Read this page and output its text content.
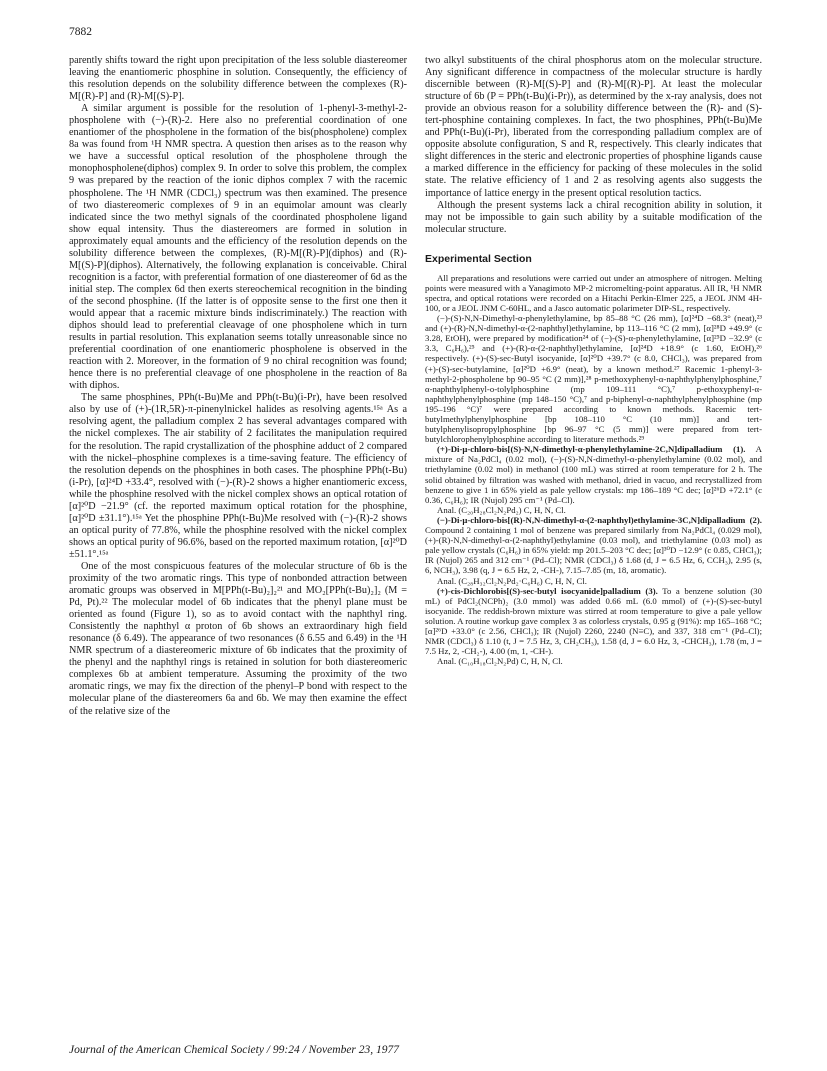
7882

parently shifts toward the right upon precipitation of the less soluble diastereomer leaving the enantiomeric phosphine in solution. Consequently, the efficiency of this resolution depends on the solubility difference between the complexes (R)-M[(R)-P] and (R)-M[(S)-P].

A similar argument is possible for the resolution of 1-phenyl-3-methyl-2-phospholene with (−)-(R)-2. Here also no preferential coordination of one enantiomer of the phospholene in the formation of the bis(phospholene) complex 8a was found from ¹H NMR spectra. A question then arises as to the reason why we have a successful optical resolution of the phospholene through the monophospholene(diphos) complex 9. In order to solve this problem, the complex 9 was prepared by the reaction of the ionic diphos complex 7 with the racemic phospholene. The ¹H NMR (CDCl₃) spectrum was then examined. The presence of two diastereomeric complexes of 9 in an equimolar amount was clearly indicated since the two methyl signals of the coordinated phospholene ligand show equal intensity. Thus the diastereomers are formed in solution in approximately equal amounts and the efficiency of the resolution depends on the solubility difference between the complexes, (R)-M[(R)-P](diphos) and (R)-M[(S)-P](diphos). Alternatively, the following explanation is conceivable. Chiral recognition is a factor, with preferential formation of one diastereomer of 6d as the initial step. The complex 6d then exerts stereochemical recognition in the binding of the second phosphine. (If the latter is of opposite sense to the first one then it would appear that a racemic mixture binds indiscriminately.) The reaction with diphos should lead to preferential cleavage of one phospholene which in turn results in partial resolution. This explanation seems totally unreasonable since no preferential coordination of one enantiomeric phospholene is observed in the reaction with 2. Moreover, in the formation of 9 no chiral recognition was found; hence there is no preferential cleavage of one phospholene in the reaction of 8a with diphos.

The same phosphines, PPh(t-Bu)Me and PPh(t-Bu)(i-Pr), have been resolved also by use of (+)-(1R,5R)-π-pinenylnickel halides as resolving agents.¹⁵ᵃ As a resolving agent, the palladium complex 2 has several advantages compared with the nickel complexes. The air stability of 2 facilitates the manipulation required for the resolution. The rapid crystallization of the phosphine adduct of 2 compared with the nickel–phosphine complexes is a time-saving feature. The efficiency of the resolution depends on the phosphines in both cases. The phosphine PPh(t-Bu)(i-Pr), [α]²⁴D +33.4°, resolved with (−)-(R)-2 shows a higher enantiomeric excess, while the phosphine resolved with the nickel complex shows an optical rotation of [α]²⁰D −21.9° (cf. the reported maximum optical rotation for the phosphine, [α]²⁰D ±31.1°).¹⁵ᵃ Yet the phosphine PPh(t-Bu)Me resolved with (−)-(R)-2 shows an optical purity of 77.8%, while the phosphine resolved with the nickel complex shows an optical purity of 96.6%, based on the reported maximum rotation, [α]²⁰D ±51.1°.¹⁵ᵃ

One of the most conspicuous features of the molecular structure of 6b is the proximity of the two aromatic rings. This type of nonbonded attraction between aromatic groups was observed in M[PPh(t-Bu)₂]₂²¹ and MO₂[PPh(t-Bu)₂]₂ (M = Pd, Pt).²² The molecular model of 6b indicates that the phenyl plane must be oriented as found (Figure 1), so as to avoid contact with the naphthyl ring. Consistently the naphthyl α proton of 6b shows an extraordinary high field resonance (δ 6.49). The appearance of two resonances (δ 6.55 and 6.49) in the ¹H NMR spectrum of a diastereomeric mixture of 6b indicates that the proximity of the phenyl and the naphthyl rings is retained in solution for both diastereomeric complexes 6b at ambient temperature. Assuming the proximity of the two aromatic rings, we may fix the direction of the phenyl–P bond with respect to the molecular plane of the diastereomers 6a and 6b. We may then examine the effect of the relative size of the

two alkyl substituents of the chiral phosphorus atom on the molecular structure. Any significant difference in compactness of the molecular structure is hardly discernible between (R)-M[(S)-P] and (R)-M[(R)-P]. At least the molecular structure of 6b (P = PPh(t-Bu)(i-Pr)), as determined by the x-ray analysis, does not provide an obvious reason for a solubility difference between the (R)- and (S)-tert-phosphine containing complexes. In fact, the two phosphines, PPh(t-Bu)Me and PPh(t-Bu)(i-Pr), liberated from the corresponding palladium complex are of opposite absolute configuration, S and R, respectively. This clearly indicates that slight differences in the steric and electronic properties of phosphine ligands cause a marked difference in the efficiency for packing of these molecules in the solid state. The relative efficiency of 1 and 2 as resolving agents also suggests the importance of lattice energy in the present optical resolution tactics.

Although the present systems lack a chiral recognition ability in solution, it may not be impossible to gain such ability by a suitable modification of the molecular structure.

Experimental Section

All preparations and resolutions were carried out under an atmosphere of nitrogen. Melting points were measured with a Yanagimoto MP-2 micromelting-point apparatus. All IR, ¹H NMR spectra, and optical rotations were recorded on a Hitachi Perkin-Elmer 225, a JEOL JNM 4H-100, or a JEOL JNM C-60HL, and a Jasco automatic polarimeter DIP-SL, respectively.

(−)-(S)-N,N-Dimethyl-α-phenylethylamine, bp 85–88 °C (26 mm), [α]²⁴D −68.3° (neat),²³ and (+)-(R)-N,N-dimethyl-α-(2-naphthyl)ethylamine, bp 113–116 °C (2 mm), [α]²⁸D +49.9° (c 3.28, EtOH), were prepared by modification²⁴ of (−)-(S)-α-phenylethylamine, [α]²⁵D −32.9° (c 3.3, C₆H₆),²⁵ and (+)-(R)-α-(2-naphthyl)ethylamine, [α]²⁴D +18.9° (c 1.60, EtOH),²⁶ respectively. (+)-(S)-sec-Butyl isocyanide, [α]²⁰D +39.7° (c 8.0, CHCl₃), was prepared from (+)-(S)-sec-butylamine, [α]²⁰D +6.9° (neat), by a known method.²⁷ Racemic 1-phenyl-3-methyl-2-phospholene bp 90–95 °C (2 mm)],²⁸ p-methoxyphenyl-α-naphthylphenylphosphine,⁷ α-naphthylphenyl-o-tolylphosphine (mp 109–111 °C),⁷ p-ethoxyphenyl-α-naphthylphenylphosphine (mp 148–150 °C),⁷ and p-biphenyl-α-naphthylphenylphosphine (mp 195–196 °C)⁷ were prepared according to known methods. Racemic tert-butylmethylphenylphosphine [bp 108–110 °C (10 mm)] and tert-butylphenylisopropylphosphine [bp 96–97 °C (5 mm)] were prepared from tert-butylchlorophenylphosphine according to literature methods.²⁹

(+)-Di-μ-chloro-bis[(S)-N,N-dimethyl-α-phenylethylamine-2C,N]dipalladium (1). A mixture of Na₂PdCl₄ (0.02 mol), (−)-(S)-N,N-dimethyl-α-phenylethylamine (0.02 mol), and triethylamine (0.02 mol) in methanol (100 mL) was stirred at room temperature for 2 h. The solid obtained by filtration was washed with methanol, dried in vacuo, and recrystallized from benzene to give 1 in 65% yield as pale yellow crystals: mp 186–189 °C dec; [α]²⁶D +72.1° (c 0.36, C₆H₆); IR (Nujol) 295 cm⁻¹ (Pd–Cl).

Anal. (C₂₀H₂₈Cl₂N₂Pd₂) C, H, N, Cl.

(−)-Di-μ-chloro-bis[(R)-N,N-dimethyl-α-(2-naphthyl)ethylamine-3C,N]dipalladium (2). Compound 2 containing 1 mol of benzene was prepared similarly from Na₂PdCl₄ (0.029 mol), (+)-(R)-N,N-dimethyl-α-(2-naphthyl)ethylamine (0.03 mol), and triethylamine (0.03 mol) as pale yellow crystals (C₆H₆) in 65% yield: mp 201.5–203 °C dec; [α]³⁰D −12.9° (c 0.85, CHCl₃); IR (Nujol) 265 and 312 cm⁻¹ (Pd–Cl); NMR (CDCl₃) δ 1.68 (d, J = 6.5 Hz, 6, CCH₃), 2.95 (s, 6, NCH₃), 3.98 (q, J = 6.5 Hz, 2, -CH-), 7.15–7.85 (m, 18, aromatic).

Anal. (C₂₈H₃₂Cl₂N₂Pd₂·C₆H₆) C, H, N, Cl.

(+)-cis-Dichlorobis[(S)-sec-butyl isocyanide]palladium (3). To a benzene solution (30 mL) of PdCl₂(NCPh)₂ (3.0 mmol) was added 0.66 mL (6.0 mmol) of (+)-(S)-sec-butyl isocyanide. The reddish-brown mixture was stirred at room temperature to give a pale yellow solution. A routine workup gave complex 3 as colorless crystals, 0.95 g (91%): mp 165–168 °C; [α]²⁶D +33.0° (c 2.56, CHCl₃); IR (Nujol) 2260, 2240 (N≡C), and 337, 318 cm⁻¹ (Pd–Cl); NMR (CDCl₃) δ 1.10 (t, J = 7.5 Hz, 3, CH₂CH₃), 1.58 (d, J = 6.0 Hz, 3, -CHCH₃), 1.78 (m, J = 7.5 Hz, 2, -CH₂-), 4.00 (m, 1, -CH-).

Anal. (C₁₀H₁₈Cl₂N₂Pd) C, H, N, Cl.

Journal of the American Chemical Society / 99:24 / November 23, 1977
